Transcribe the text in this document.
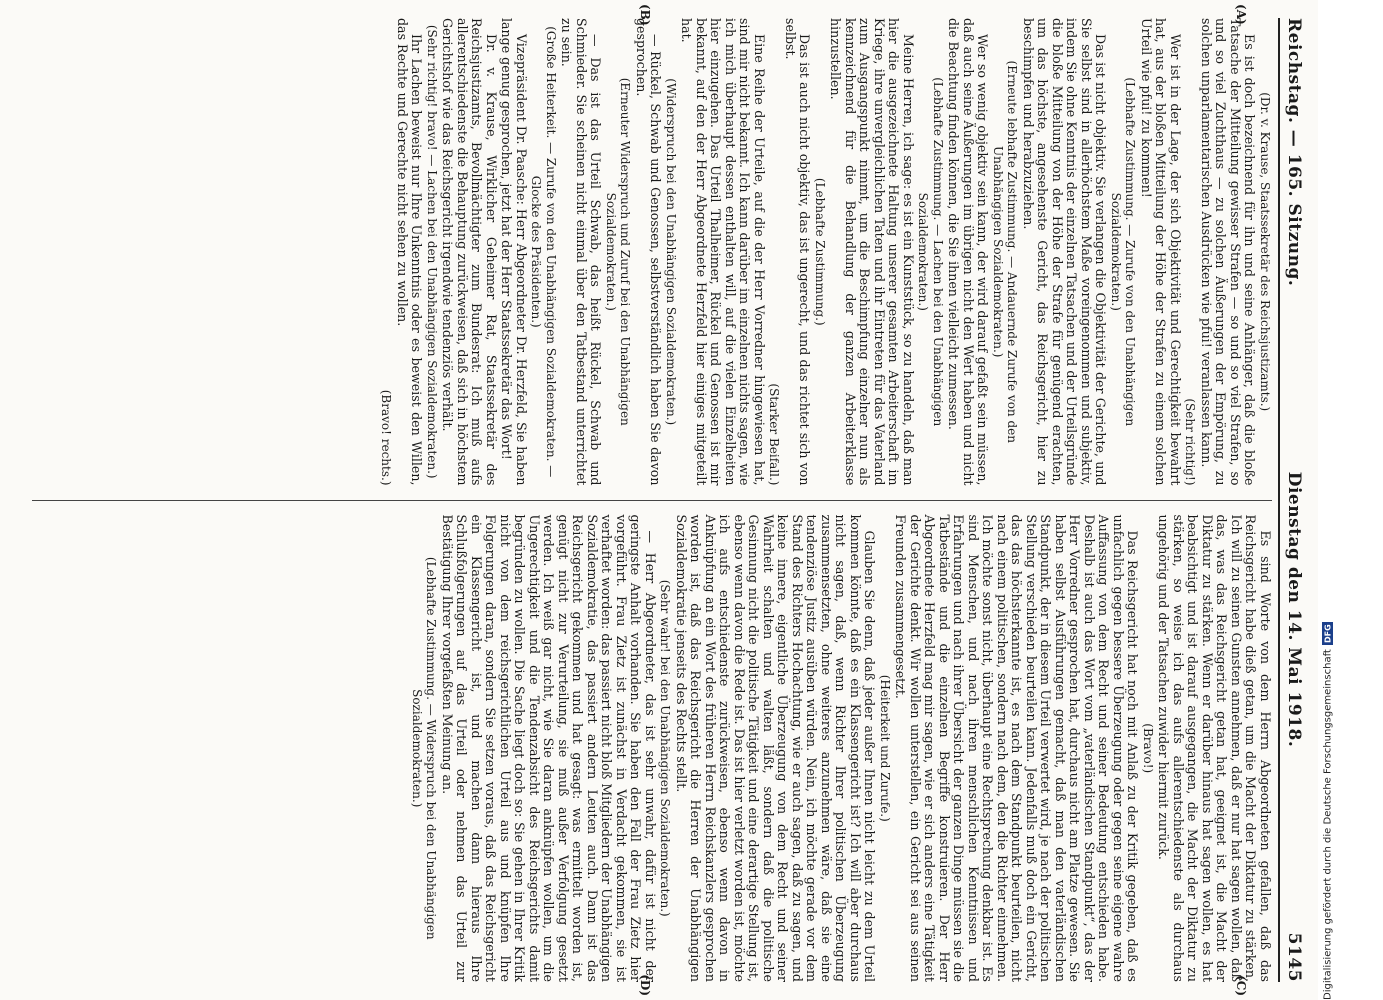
Reichstag. — 165. Sitzung.
Dienstag den 14. Mai 1918.
5145
(A)
(B)

(Dr. v. Krause, Staatssekretär des Reichsjustizamts.)

Es ist doch bezeichnend für ihn und seine Anhänger, daß die bloße Tatsache der Mitteilung gewisser Strafen — so und so viel Strafen, so und so viel Zuchthaus — zu solchen Äußerungen der Empörung, zu solchen unparlamentarischen Ausdrücken wie pfui! veranlassen kann.

(Sehr richtig!)

Wer ist in der Lage, der sich Objektivität und Gerechtigkeit bewahrt hat, aus der bloßen Mitteilung der Höhe der Strafen zu einem solchen Urteil wie pfui! zu kommen!

(Lebhafte Zustimmung. — Zurufe von den Unabhängigen Sozialdemokraten.)

Das ist nicht objektiv. Sie verlangen die Objektivität der Gerichte, und Sie selbst sind in allerhöchstem Maße voreingenommen und subjektiv, indem Sie ohne Kenntnis der einzelnen Tatsachen und der Urteilsgründe die bloße Mitteilung von der Höhe der Strafe für genügend erachten, um das höchste, angesehenste Gericht, das Reichsgericht, hier zu beschimpfen und herabzuziehen.

(Erneute lebhafte Zustimmung. — Andauernde Zurufe von den Unabhängigen Sozialdemokraten.)

Wer so wenig objektiv sein kann, der wird darauf gefaßt sein müssen, daß auch seine Äußerungen im übrigen nicht den Wert haben und nicht die Beachtung finden können, die Sie ihnen vielleicht zumessen.

(Lebhafte Zustimmung. — Lachen bei den Unabhängigen Sozialdemokraten.)

Meine Herren, ich sage: es ist ein Kunststück, so zu handeln, daß man hier die ausgezeichnete Haltung unserer gesamten Arbeiterschaft im Kriege, ihre unvergleichlichen Taten und ihr Eintreten für das Vaterland zum Ausgangspunkt nimmt, um die Beschimpfung einzelner nun als kennzeichnend für die Behandlung der ganzen Arbeiterklasse hinzustellen.

(Lebhafte Zustimmung.)

Das ist auch nicht objektiv, das ist ungerecht, und das richtet sich von selbst.

(Starker Beifall.)

Eine Reihe der Urteile, auf die der Herr Vorredner hingewiesen hat, sind mir nicht bekannt. Ich kann darüber im einzelnen nichts sagen, wie ich mich überhaupt dessen enthalten will, auf die vielen Einzelheiten hier einzugehen. Das Urteil Thalheimer, Rückel und Genossen ist mir bekannt, auf den der Herr Abgeordnete Herzfeld hier einiges mitgeteilt hat.

(Widerspruch bei den Unabhängigen Sozialdemokraten.)

— Rückel, Schwab und Genossen, selbstverständlich haben Sie davon gesprochen.

(Erneuter Widerspruch und Zuruf bei den Unabhängigen Sozialdemokraten.)

— Das ist das Urteil Schwab, das heißt Rückel, Schwab und Schmieder. Sie scheinen nicht einmal über den Tatbestand unterrichtet zu sein.

(Große Heiterkeit. — Zurufe von den Unabhängigen Sozialdemokraten. — Glocke des Präsidenten.)

Vizepräsident Dr. Paasche: Herr Abgeordneter Dr. Herzfeld, Sie haben lange genug gesprochen, jetzt hat der Herr Staatssekretär das Wort!

Dr. v. Krause, Wirklicher Geheimer Rat, Staatssekretär des Reichsjustizamts, Bevollmächtigter zum Bundesrat: Ich muß aufs allerentschiedenste die Behauptung zurückweisen, daß sich in höchstem Gerichtshof wie das Reichsgericht irgendwie tendenziös verhält.

(Sehr richtig! bravo! — Lachen bei den Unabhängigen Sozialdemokraten.)

Ihr Lachen beweist nur Ihre Unkenntnis oder es beweist den Willen, das Rechte und Gerechte nicht sehen zu wollen.

(Bravo! rechts.)

(C)
(D)

Es sind Worte von dem Herrn Abgeordneten gefallen, daß das Reichsgericht habe dieß getan, um die Macht der Diktatur zu stärken. Ich will zu seinen Gunsten annehmen, daß er nur hat sagen wollen, daß das, was das Reichsgericht getan hat, geeignet ist, die Macht der Diktatur zu stärken. Wenn er darüber hinaus hat sagen wollen, es hat beabsichtigt und ist darauf ausgegangen, die Macht der Diktatur zu stärken, so weise ich das aufs allerentschiedenste als durchaus ungehörig und der Tatsachen zuwider hiermit zurück.

(Bravo!)

Das Reichsgericht hat noch mit Anlaß zu der Kritik gegeben, daß es unfachlich gegen bessere Überzeugung oder gegen seine eigene wahre Auffassung von dem Recht und seiner Bedeutung entschieden habe. Deshalb ist auch das Wort vom „vaterländischen Standpunkt“, das der Herr Vorredner gesprochen hat, durchaus nicht am Platze gewesen. Sie haben selbst Ausführungen gemacht, daß man den vaterländischen Standpunkt, der in diesem Urteil verwertet wird, je nach der politischen Stellung verschieden beurteilen kann. Jedenfalls muß doch ein Gericht, das das höchsterkannte ist, es nach dem Standpunkt beurteilen, nicht nach einem politischen, sondern nach dem, den die Richter einnehmen. Ich möchte sonst nicht, überhaupt eine Rechtsprechung denkbar ist. Es sind Menschen, und nach ihren menschlichen Kenntnissen und Erfahrungen und nach ihrer Übersicht der ganzen Dinge müssen sie die Tatbestände und die einzelnen Begriffe konstruieren. Der Herr Abgeordnete Herzfeld mag mir sagen, wie er sich anders eine Tätigkeit der Gerichte denkt. Wir wollen unterstellen, ein Gericht sei aus seinen Freunden zusammengesetzt.

(Heiterkeit und Zurufe.)

Glauben Sie denn, daß jeder außer Ihnen nicht leicht zu dem Urteil kommen könnte, daß es ein Klassengericht ist? Ich will aber durchaus nicht sagen, daß, wenn Richter Ihrer politischen Überzeugung zusammensetzten, ohne weiteres anzunehmen wäre, daß sie eine tendenziöse Justiz ausüben würden. Nein, ich möchte gerade vor dem Stand des Richters Hochachtung, wie er auch sagen, daß zu sagen, und keine innere, eigentliche Überzeugung von dem Recht und seiner Wahrheit schalten und walten läßt, sondern daß die politische Gesinnung nicht die politische Tätigkeit und eine derartige Stellung ist, ebenso wenn davon die Rede ist. Das ist hier verletzt worden ist, möchte ich aufs entschiedenste zurückweisen, ebenso wenn davon in Anknüpfung an ein Wort des früheren Herrn Reichskanzlers gesprochen worden ist, daß das Reichsgericht die Herren der Unabhängigen Sozialdemokratie jenseits des Rechts stellt.

(Sehr wahr! bei den Unabhängigen Sozialdemokraten.)

— Herr Abgeordneter, das ist sehr unwahr, dafür ist nicht der geringste Anhalt vorhanden. Sie haben den Fall der Frau Zietz hier vorgeführt. Frau Zietz ist zunächst in Verdacht gekommen, sie ist verhaftet worden: das passiert nicht bloß Mitgliedern der Unabhängigen Sozialdemokratie, das passiert andern Leuten auch. Dann ist das Reichsgericht gekommen und hat gesagt: was ermittelt worden ist, genügt nicht zur Verurteilung, sie muß außer Verfolgung gesetzt werden. Ich weiß gar nicht, wie Sie daran anknüpfen wollen, um die Ungerechtigkeit und die Tendenzabsicht des Reichsgerichts damit begründen zu wollen. Die Sache liegt doch so: Sie gehen in Ihrer Kritik nicht von dem reichsgerichtlichen Urteil aus und knüpfen Ihre Folgerungen daran, sondern Sie setzen voraus, daß das Reichsgericht ein Klassengericht ist, und machen dann hieraus Ihre Schlußfolgerungen auf das Urteil oder nehmen das Urteil zur Bestätigung Ihrer vorgefaßten Meinung an.

(Lebhafte Zustimmung. — Widerspruch bei den Unabhängigen Sozialdemokraten.)	Digitalisierung gefördert durch die Deutsche Forschungsgemeinschaft
DFG
